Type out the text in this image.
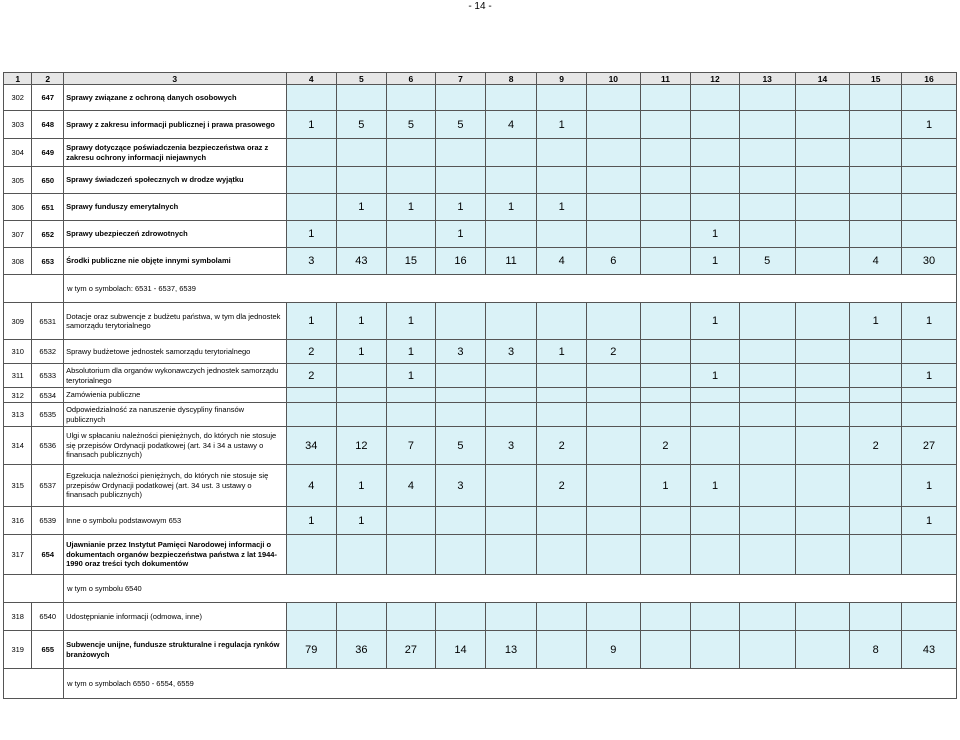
- 14 -
1	2	3	4	5	6	7	8	9	10	11	12	13	14	15	16
302	647	Sprawy związane z ochroną danych osobowych													
303	648	Sprawy z zakresu informacji publicznej i prawa prasowego	1	5	5	5	4	1							1
304	649	Sprawy dotyczące poświadczenia bezpieczeństwa oraz z zakresu ochrony informacji niejawnych													
305	650	Sprawy świadczeń społecznych w drodze wyjątku													
306	651	Sprawy funduszy emerytalnych		1	1	1	1	1							
307	652	Sprawy ubezpieczeń zdrowotnych	1			1					1				
308	653	Środki publiczne nie objęte innymi symbolami	3	43	15	16	11	4	6		1	5		4	30
		w tym o symbolach: 6531 - 6537, 6539													
309	6531	Dotacje oraz subwencje z budżetu państwa, w tym dla jednostek samorządu terytorialnego	1	1	1						1			1	1
310	6532	Sprawy budżetowe jednostek samorządu terytorialnego	2	1	1	3	3	1	2						
311	6533	Absolutorium dla organów wykonawczych jednostek samorządu terytorialnego	2		1						1				1
312	6534	Zamówienia publiczne													
313	6535	Odpowiedzialność za naruszenie dyscypliny finansów publicznych													
314	6536	Ulgi w spłacaniu należności pieniężnych, do których nie stosuje się przepisów Ordynacji podatkowej (art. 34 i 34 a ustawy o finansach publicznych)	34	12	7	5	3	2		2				2	27
315	6537	Egzekucja należności pieniężnych, do których nie stosuje się przepisów Ordynacji podatkowej (art. 34 ust. 3 ustawy o finansach publicznych)	4	1	4	3		2		1	1				1
316	6539	Inne o symbolu podstawowym 653	1	1											1
317	654	Ujawnianie przez Instytut Pamięci Narodowej informacji o dokumentach organów bezpieczeństwa państwa z lat 1944-1990 oraz treści tych dokumentów													
		w tym o symbolu 6540													
318	6540	Udostępnianie informacji (odmowa, inne)													
319	655	Subwencje unijne, fundusze strukturalne i regulacja rynków branżowych	79	36	27	14	13		9					8	43
		w tym o symbolach 6550 - 6554, 6559													
